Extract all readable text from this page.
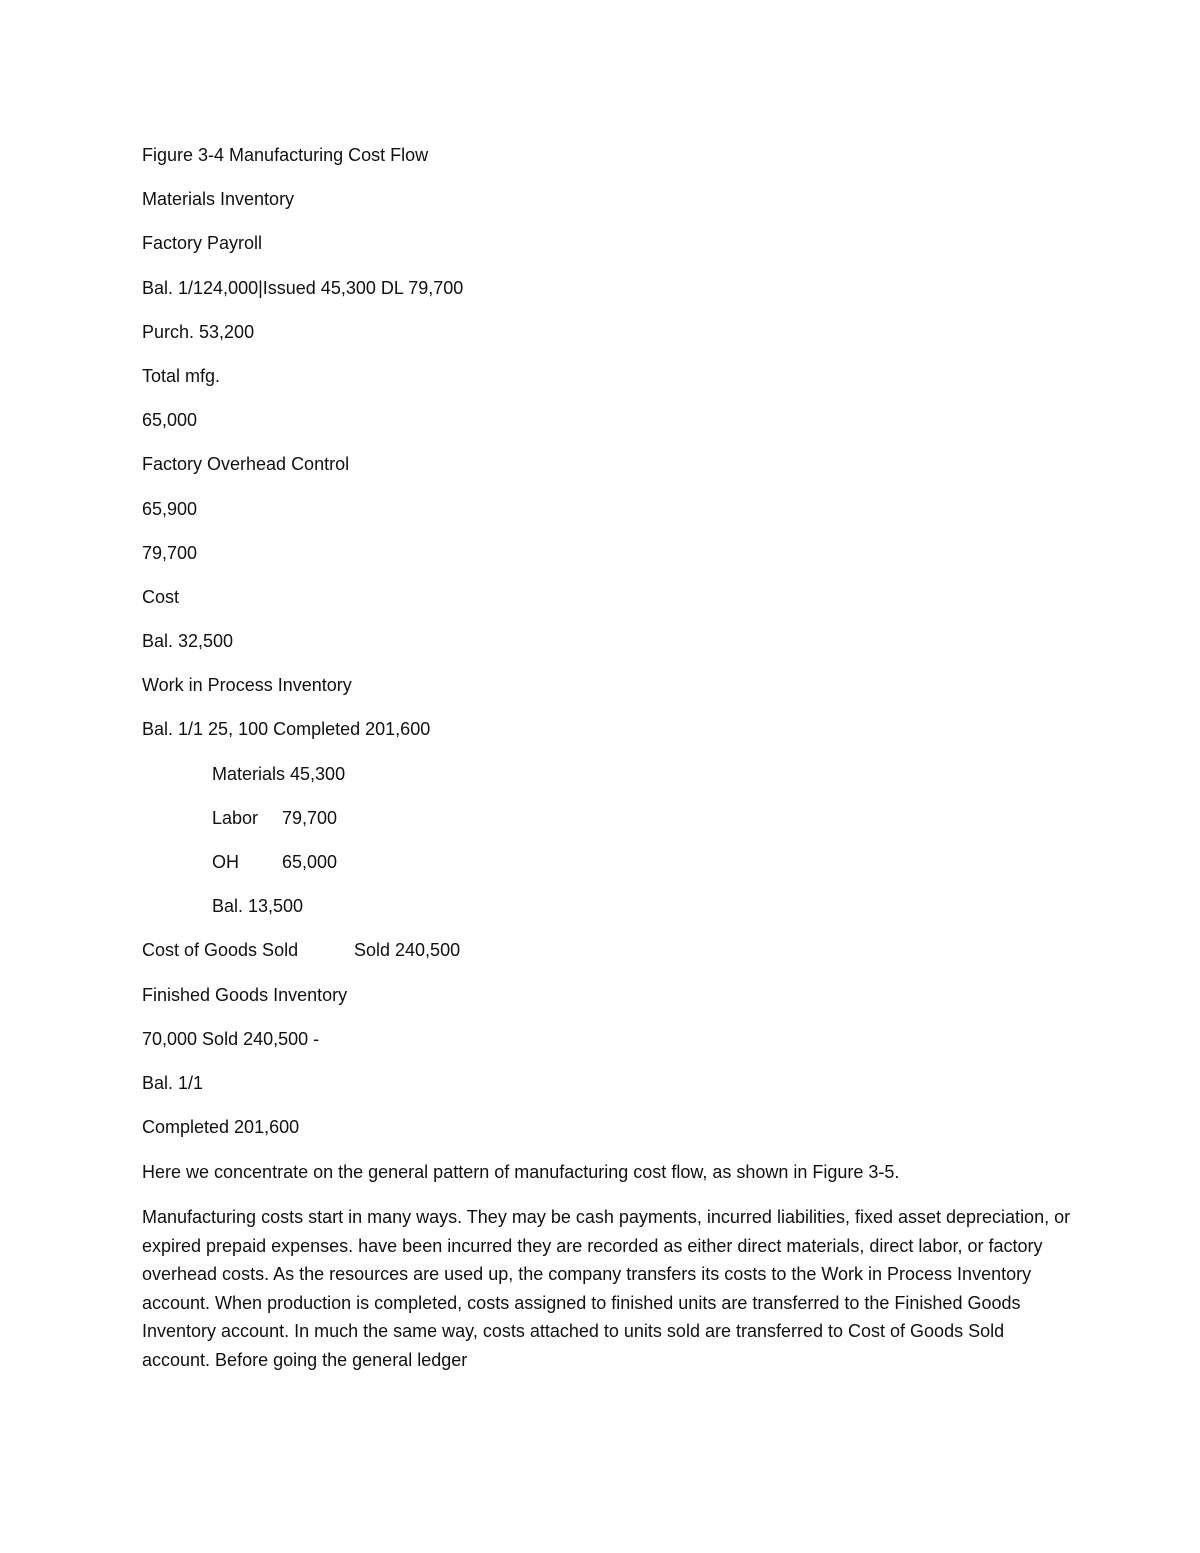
Figure 3-4 Manufacturing Cost Flow
Materials Inventory
Factory Payroll
Bal. 1/124,000|Issued 45,300 DL 79,700
Purch. 53,200
Total mfg.
65,000
Factory Overhead Control
65,900
79,700
Cost
Bal. 32,500
Work in Process Inventory
Bal. 1/1 25, 100 Completed 201,600
Materials 45,300
Labor 79,700
OH 65,000
Bal. 13,500
Cost of Goods Sold	Sold 240,500
Finished Goods Inventory
70,000 Sold 240,500 -
Bal. 1/1
Completed 201,600

Here we concentrate on the general pattern of manufacturing cost flow, as shown in Figure 3-5.

Manufacturing costs start in many ways. They may be cash payments, incurred liabilities, fixed asset depreciation, or expired prepaid expenses. have been incurred they are recorded as either direct materials, direct labor, or factory overhead costs. As the resources are used up, the company transfers its costs to the Work in Process Inventory account. When production is completed, costs assigned to finished units are transferred to the Finished Goods Inventory account. In much the same way, costs attached to units sold are transferred to Cost of Goods Sold account. Before going the general ledger
